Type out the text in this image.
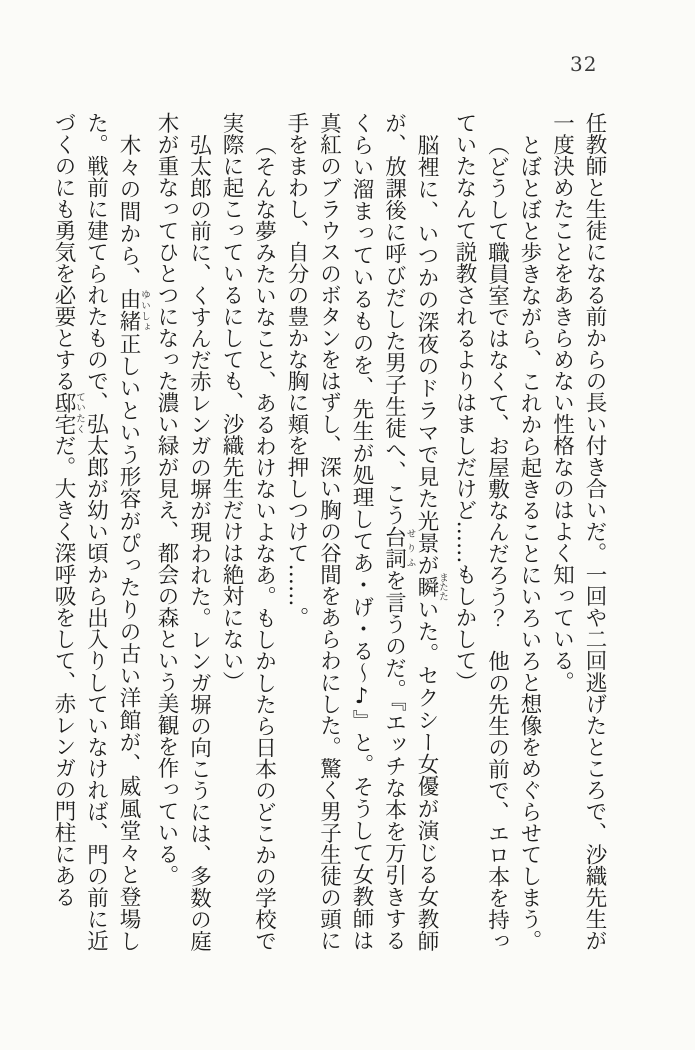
32

任教師と生徒になる前からの長い付き合いだ。一回や二回逃げたところで、沙織先生が一度決めたことをあきらめない性格なのはよく知っている。

とぼとぼと歩きながら、これから起きることにいろいろと想像をめぐらせてしまう。

（どうして職員室ではなくて、お屋敷なんだろう？　他の先生の前で、エロ本を持っていたなんて説教されるよりはましだけど……もしかして）

脳裡に、いつかの深夜のドラマで見た光景が瞬またたいた。セクシー女優が演じる女教師が、放課後に呼びだした男子生徒へ、こう台詞せりふを言うのだ。『エッチな本を万引きするくらい溜まっているものを、先生が処理してあ・げ・る〜♪』と。そうして女教師は真紅のブラウスのボタンをはずし、深い胸の谷間をあらわにした。驚く男子生徒の頭に手をまわし、自分の豊かな胸に頬を押しつけて……。

（そんな夢みたいなこと、あるわけないよなあ。もしかしたら日本のどこかの学校で実際に起こっているにしても、沙織先生だけは絶対にない）

弘太郎の前に、くすんだ赤レンガの塀が現われた。レンガ塀の向こうには、多数の庭木が重なってひとつになった濃い緑が見え、都会の森という美観を作っている。

木々の間から、由緒ゆいしょ正しいという形容がぴったりの古い洋館が、威風堂々と登場した。戦前に建てられたもので、弘太郎が幼い頃から出入りしていなければ、門の前に近づくのにも勇気を必要とする邸宅ていたくだ。大きく深呼吸をして、赤レンガの門柱にある
